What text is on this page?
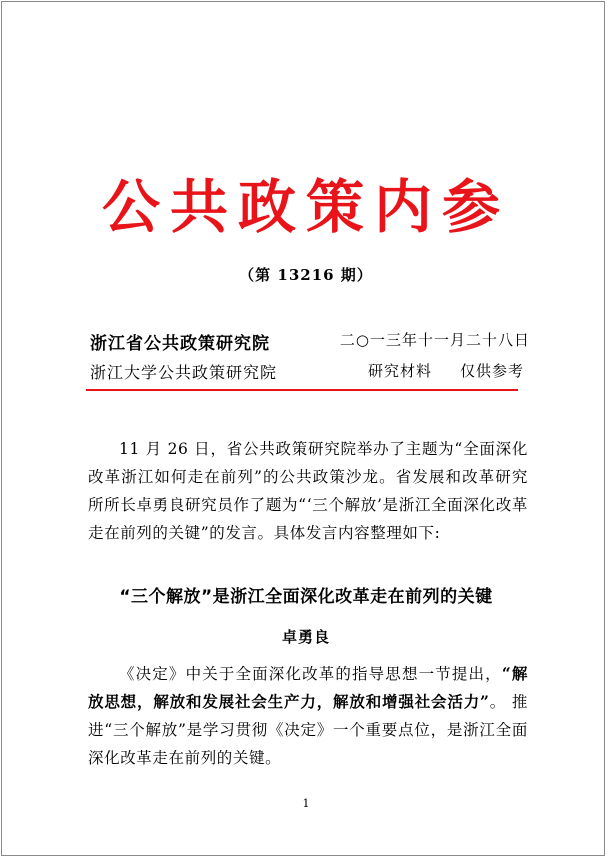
公共政策内参
（第 13216 期）
浙江省公共政策研究院	二○一三年十一月二十八日
浙江大学公共政策研究院	研究材料 仅供参考
11 月 26 日，省公共政策研究院举办了主题为“全面深化改革浙江如何走在前列”的公共政策沙龙。省发展和改革研究所所长卓勇良研究员作了题为“‘三个解放’是浙江全面深化改革走在前列的关键”的发言。具体发言内容整理如下:
“三个解放”是浙江全面深化改革走在前列的关键
卓勇良
《决定》中关于全面深化改革的指导思想一节提出，“解放思想，解放和发展社会生产力，解放和增强社会活力”。 推进“三个解放”是学习贯彻《决定》一个重要点位，是浙江全面深化改革走在前列的关键。
1
